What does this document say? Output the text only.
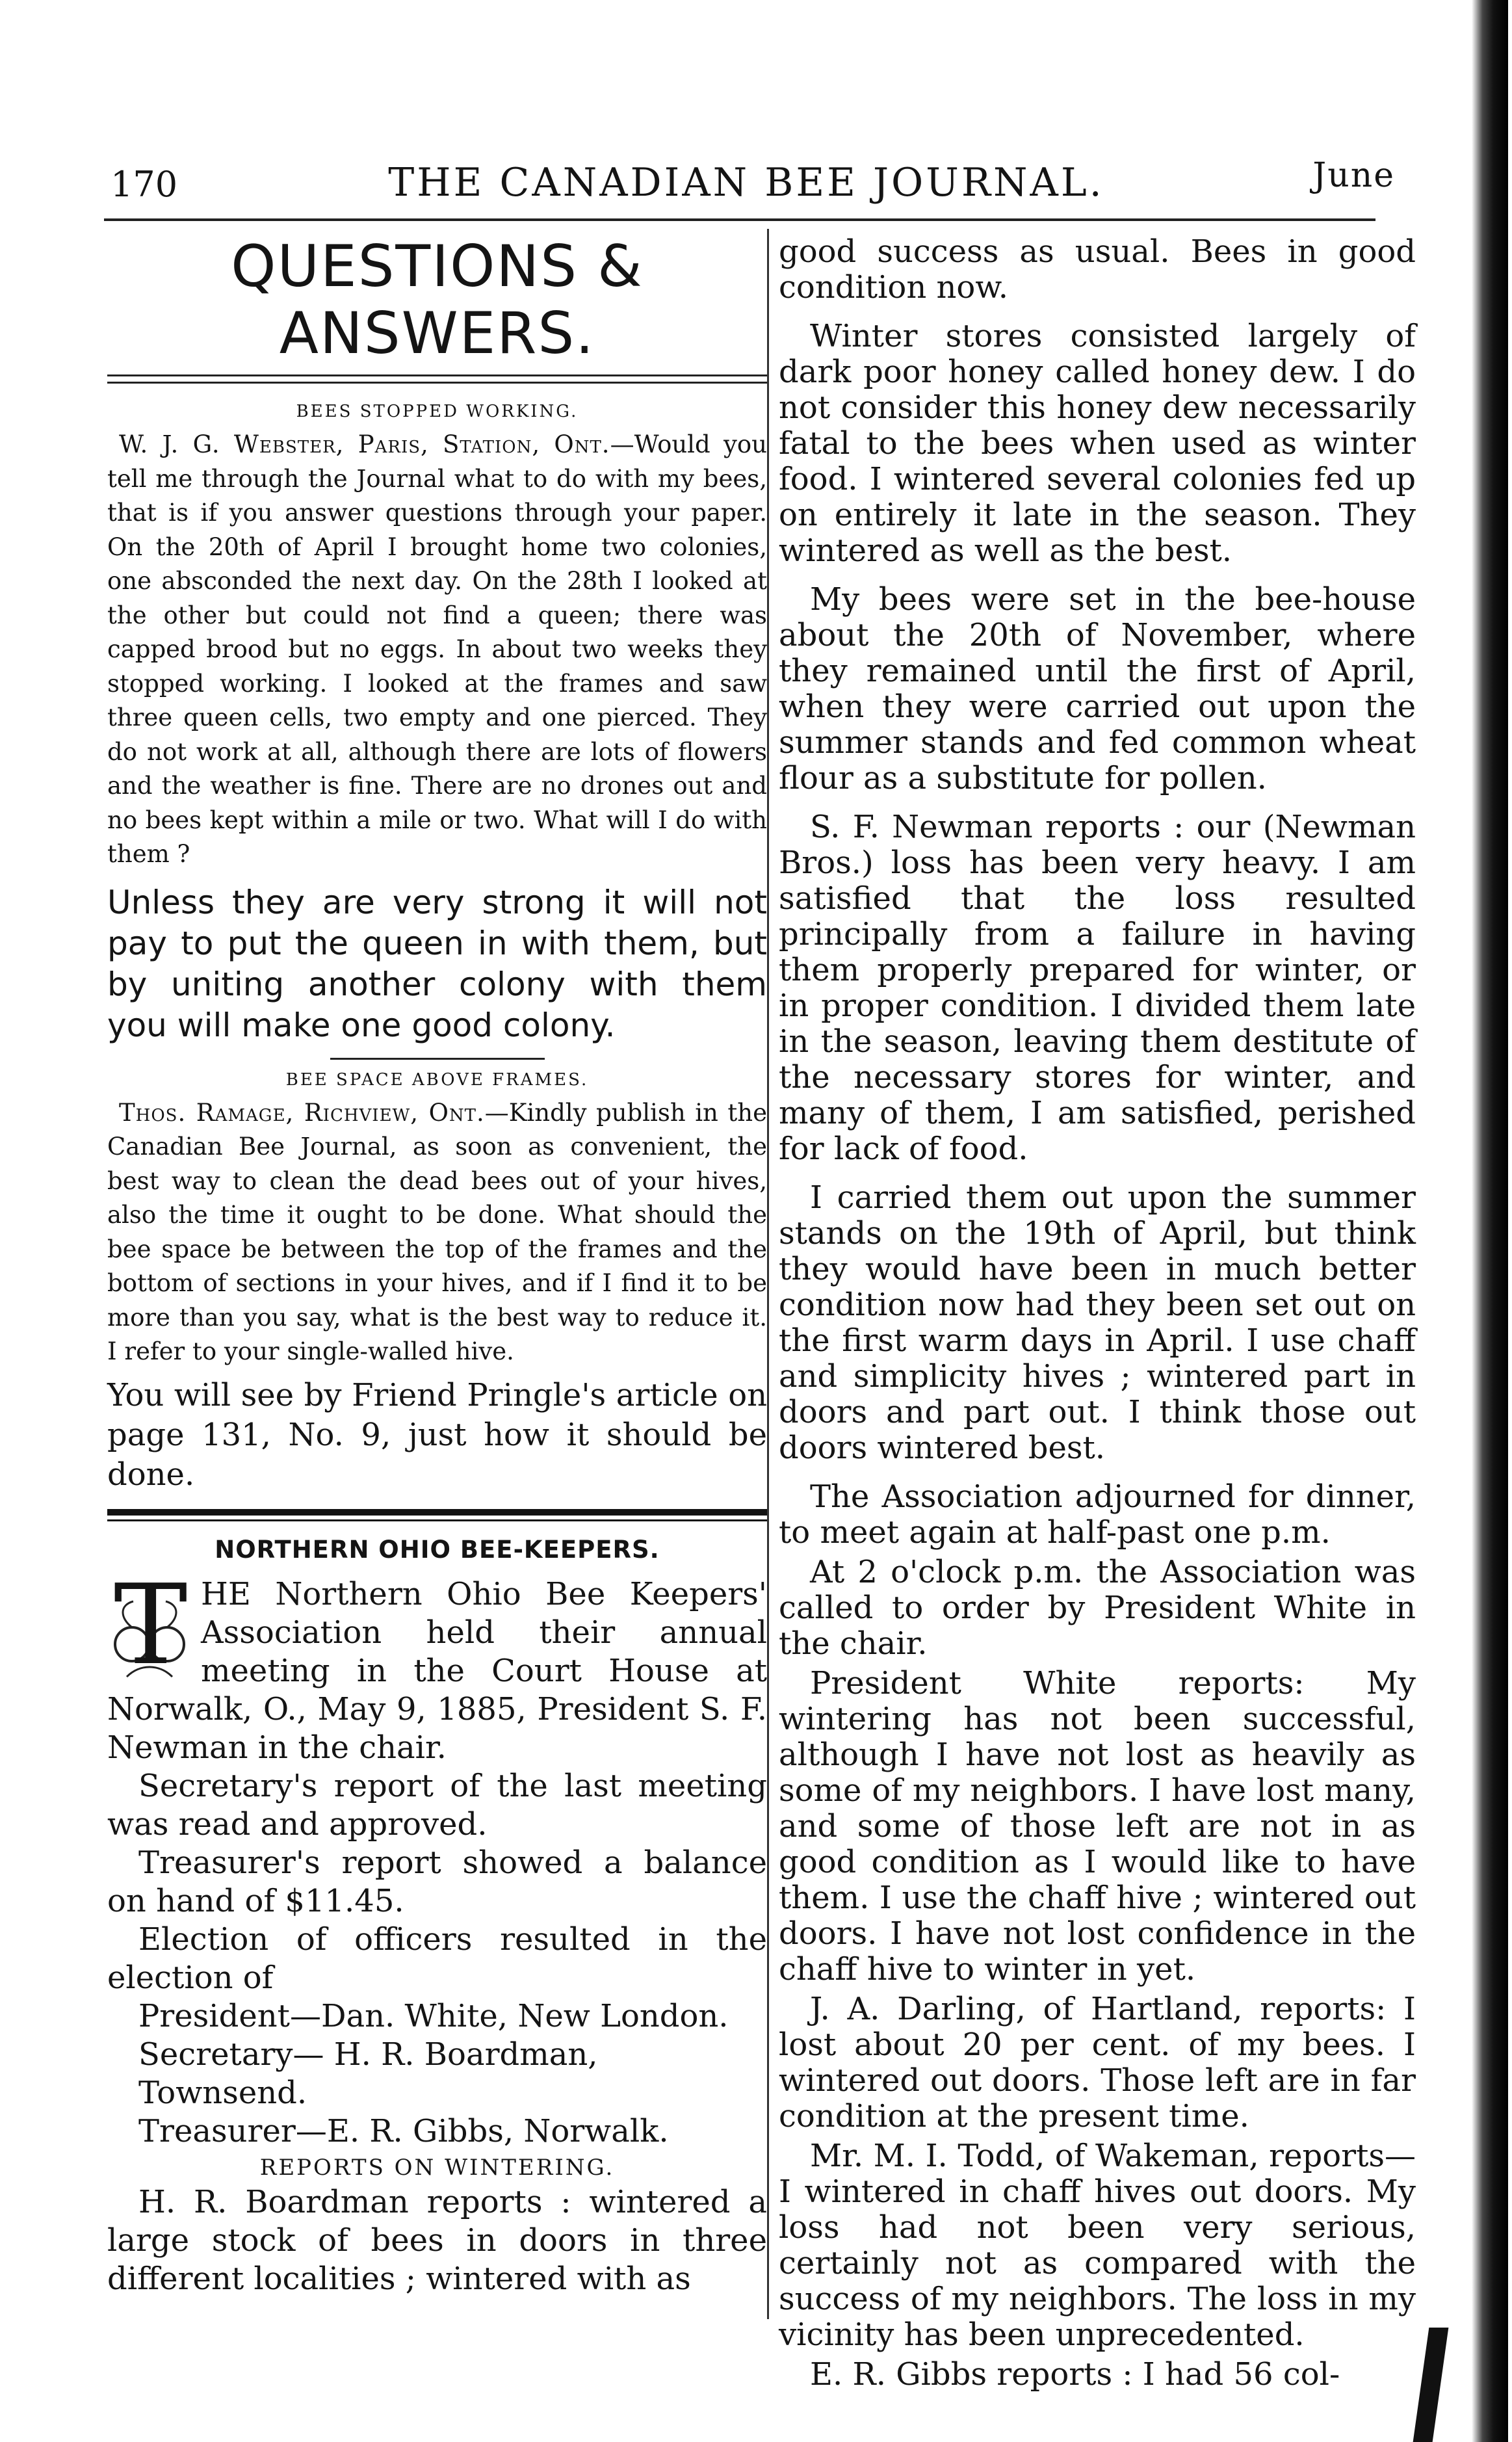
170	THE CANADIAN BEE JOURNAL.	June
QUESTIONS & ANSWERS.
BEES STOPPED WORKING.

W. J. G. Webster, Paris, Station, Ont.—Would you tell me through the Journal what to do with my bees, that is if you answer questions through your paper. On the 20th of April I brought home two colonies, one absconded the next day. On the 28th I looked at the other but could not find a queen; there was capped brood but no eggs. In about two weeks they stopped working. I looked at the frames and saw three queen cells, two empty and one pierced. They do not work at all, although there are lots of flowers and the weather is fine. There are no drones out and no bees kept within a mile or two. What will I do with them ?

Unless they are very strong it will not pay to put the queen in with them, but by uniting another colony with them you will make one good colony.

BEE SPACE ABOVE FRAMES.

Thos. Ramage, Richview, Ont.—Kindly publish in the Canadian Bee Journal, as soon as convenient, the best way to clean the dead bees out of your hives, also the time it ought to be done. What should the bee space be between the top of the frames and the bottom of sections in your hives, and if I find it to be more than you say, what is the best way to reduce it. I refer to your single-walled hive.

You will see by Friend Pringle's article on page 131, No. 9, just how it should be done.

NORTHERN OHIO BEE-KEEPERS.
T HE Northern Ohio Bee Keepers' Association held their annual meeting in the Court House at Norwalk, O., May 9, 1885, President S. F. Newman in the chair.

Secretary's report of the last meeting was read and approved.

Treasurer's report showed a balance on hand of $11.45.

Election of officers resulted in the election of

President—Dan. White, New London.

Secretary— H. R. Boardman, Townsend.

Treasurer—E. R. Gibbs, Norwalk.

REPORTS ON WINTERING.

H. R. Boardman reports : wintered a large stock of bees in doors in three different localities ; wintered with as

good success as usual. Bees in good condition now.

Winter stores consisted largely of dark poor honey called honey dew. I do not consider this honey dew necessarily fatal to the bees when used as winter food. I wintered several colonies fed up on entirely it late in the season. They wintered as well as the best.

My bees were set in the bee-house about the 20th of November, where they remained until the first of April, when they were carried out upon the summer stands and fed common wheat flour as a substitute for pollen.

S. F. Newman reports : our (Newman Bros.) loss has been very heavy. I am satisfied that the loss resulted principally from a failure in having them properly prepared for winter, or in proper condition. I divided them late in the season, leaving them destitute of the necessary stores for winter, and many of them, I am satisfied, perished for lack of food.

I carried them out upon the summer stands on the 19th of April, but think they would have been in much better condition now had they been set out on the first warm days in April. I use chaff and simplicity hives ; wintered part in doors and part out. I think those out doors wintered best.

The Association adjourned for dinner, to meet again at half-past one p.m.

At 2 o'clock p.m. the Association was called to order by President White in the chair.

President White reports: My wintering has not been successful, although I have not lost as heavily as some of my neighbors. I have lost many, and some of those left are not in as good condition as I would like to have them. I use the chaff hive ; wintered out doors. I have not lost confidence in the chaff hive to winter in yet.

J. A. Darling, of Hartland, reports: I lost about 20 per cent. of my bees. I wintered out doors. Those left are in far condition at the present time.

Mr. M. I. Todd, of Wakeman, reports— I wintered in chaff hives out doors. My loss had not been very serious, certainly not as compared with the success of my neighbors. The loss in my vicinity has been unprecedented.

E. R. Gibbs reports : I had 56 col-
